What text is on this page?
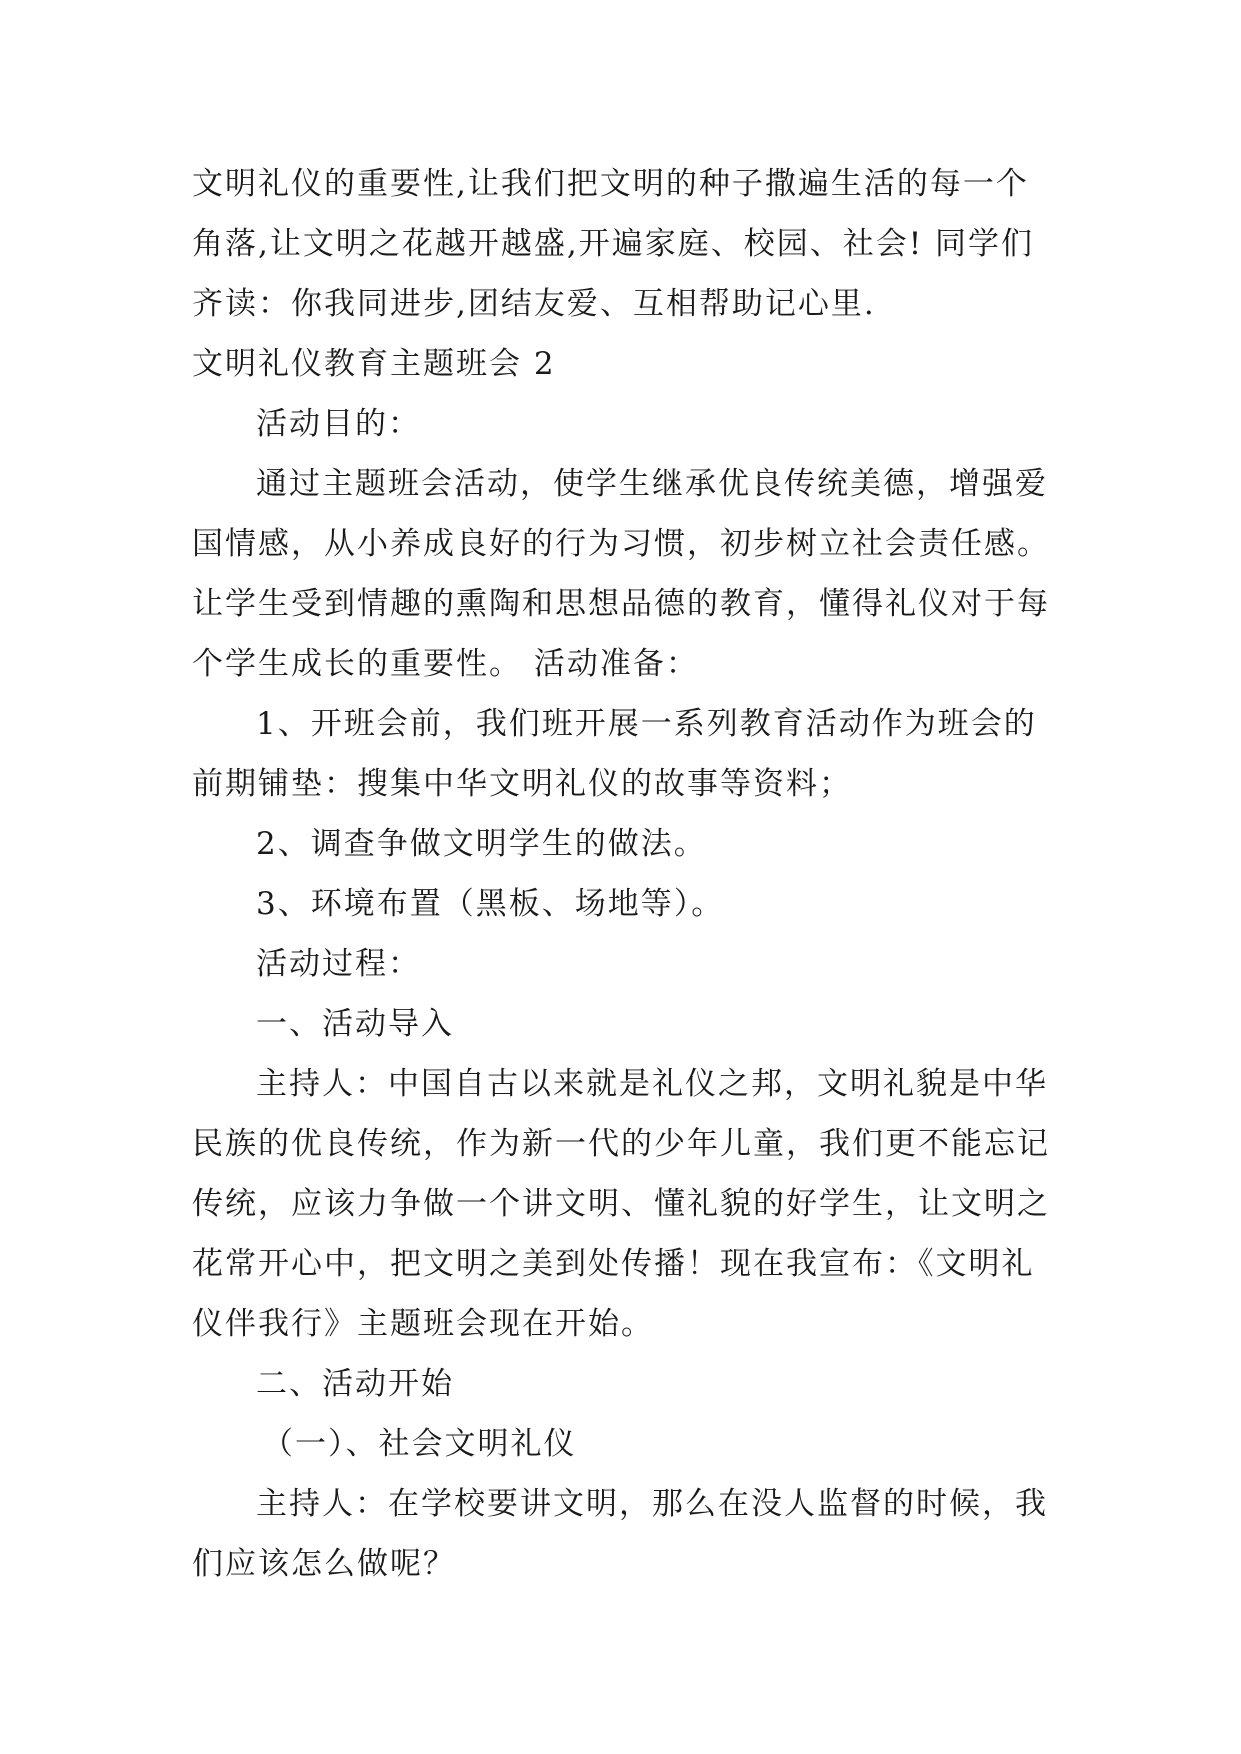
文明礼仪的重要性,让我们把文明的种子撒遍生活的每一个
角落,让文明之花越开越盛,开遍家庭、校园、社会! 同学们
齐读：你我同进步,团结友爱、互相帮助记心里.
文明礼仪教育主题班会 2
活动目的：
通过主题班会活动，使学生继承优良传统美德，增强爱
国情感，从小养成良好的行为习惯，初步树立社会责任感。
让学生受到情趣的熏陶和思想品德的教育，懂得礼仪对于每
个学生成长的重要性。 活动准备：
1、开班会前，我们班开展一系列教育活动作为班会的
前期铺垫：搜集中华文明礼仪的故事等资料；
2、调查争做文明学生的做法。
3、环境布置（黑板、场地等）。
活动过程：
一、活动导入
主持人：中国自古以来就是礼仪之邦，文明礼貌是中华
民族的优良传统，作为新一代的少年儿童，我们更不能忘记
传统，应该力争做一个讲文明、懂礼貌的好学生，让文明之
花常开心中，把文明之美到处传播！现在我宣布：《文明礼
仪伴我行》主题班会现在开始。
二、活动开始
（一）、社会文明礼仪
主持人：在学校要讲文明，那么在没人监督的时候，我
们应该怎么做呢？
